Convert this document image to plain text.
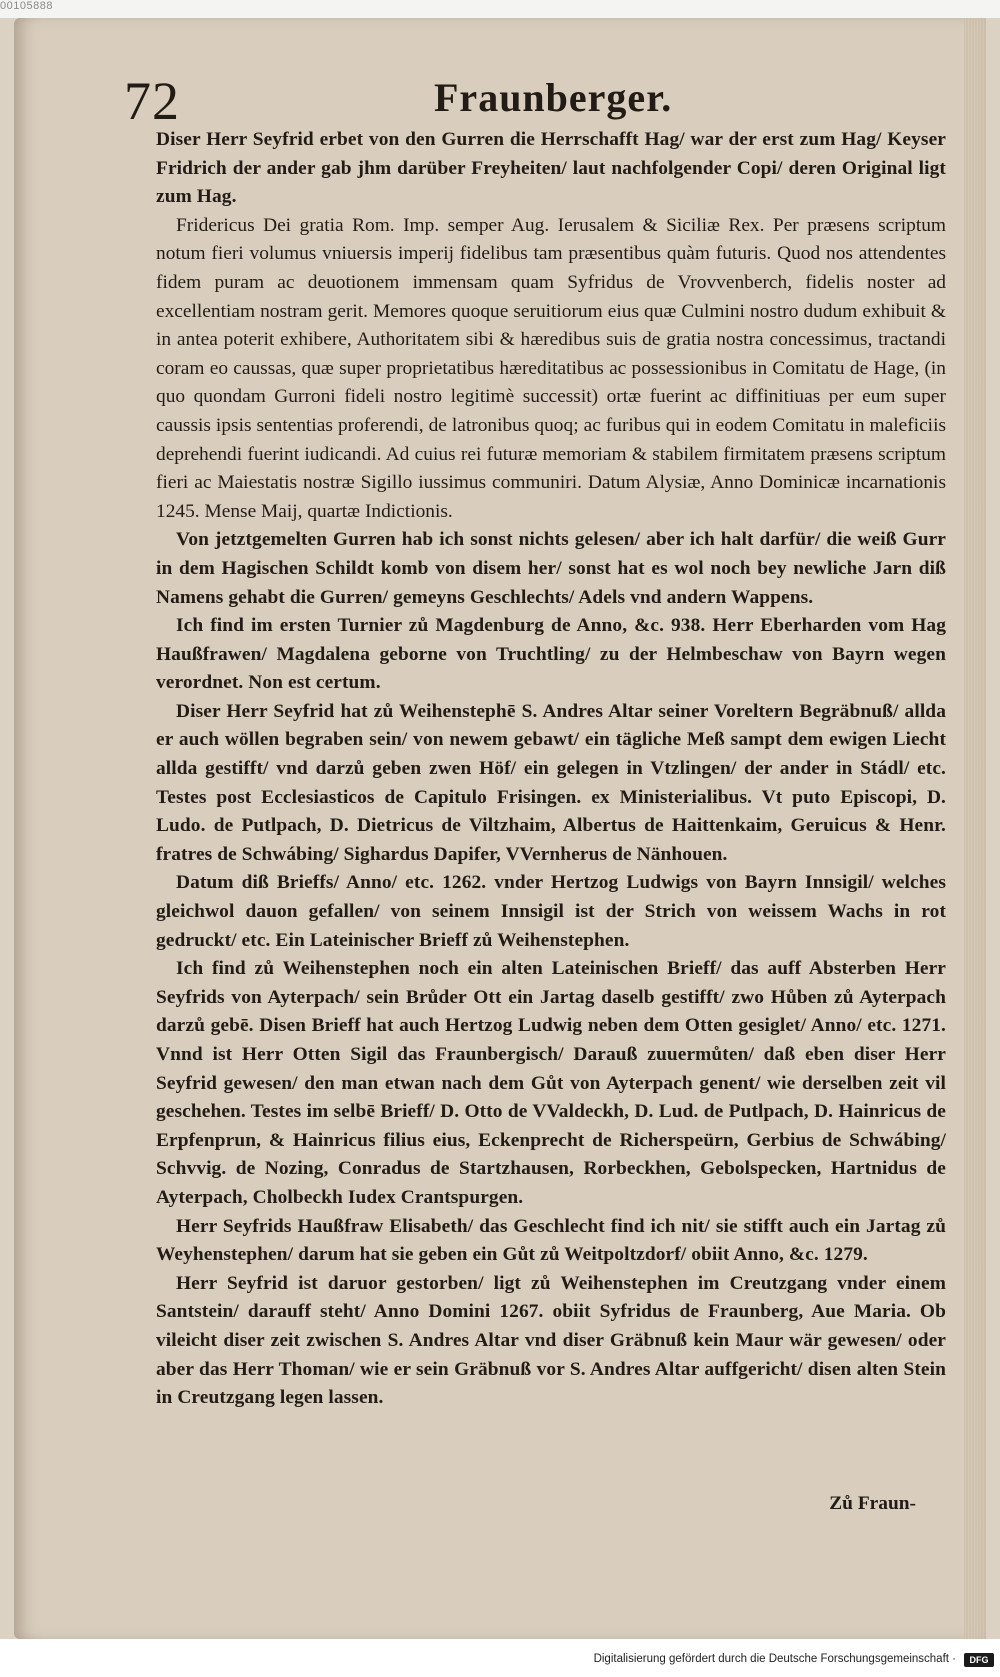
00105888
72	Fraunberger.

Diser Herr Seyfrid erbet von den Gurren die Herrschafft Hag/ war der erst zum Hag/ Keyser Fridrich der ander gab jhm darüber Freyheiten/ laut nachfolgender Copi/ deren Original ligt zum Hag.

Fridericus Dei gratia Rom. Imp. semper Aug. Ierusalem & Siciliæ Rex. Per præsens scriptum notum fieri volumus vniuersis imperij fidelibus tam præsentibus quàm futuris. Quod nos attendentes fidem puram ac deuotionem immensam quam Syfridus de Vrovvenberch, fidelis noster ad excellentiam nostram gerit. Memores quoque seruitiorum eius quæ Culmini nostro dudum exhibuit & in antea poterit exhibere, Authoritatem sibi & hæredibus suis de gratia nostra concessimus, tractandi coram eo caussas, quæ super proprietatibus hæreditatibus ac possessionibus in Comitatu de Hage, (in quo quondam Gurroni fideli nostro legitimè successit) ortæ fuerint ac diffinitiuas per eum super caussis ipsis sententias proferendi, de latronibus quoq; ac furibus qui in eodem Comitatu in maleficiis deprehendi fuerint iudicandi. Ad cuius rei futuræ memoriam & stabilem firmitatem præsens scriptum fieri ac Maiestatis nostræ Sigillo iussimus communiri. Datum Alysiæ, Anno Dominicæ incarnationis 1245. Mense Maij, quartæ Indictionis.

Von jetztgemelten Gurren hab ich sonst nichts gelesen/ aber ich halt darfür/ die weiß Gurr in dem Hagischen Schildt komb von disem her/ sonst hat es wol noch bey newliche Jarn diß Namens gehabt die Gurren/ gemeyns Geschlechts/ Adels vnd andern Wappens.

Ich find im ersten Turnier zů Magdenburg de Anno, &c. 938. Herr Eberharden vom Hag Haußfrawen/ Magdalena geborne von Truchtling/ zu der Helmbeschaw von Bayrn wegen verordnet. Non est certum.

Diser Herr Seyfrid hat zů Weihenstephē S. Andres Altar seiner Voreltern Begräbnuß/ allda er auch wöllen begraben sein/ von newem gebawt/ ein tägliche Meß sampt dem ewigen Liecht allda gestifft/ vnd darzů geben zwen Höf/ ein gelegen in Vtzlingen/ der ander in Stádl/ etc. Testes post Ecclesiasticos de Capitulo Frisingen. ex Ministerialibus. Vt puto Episcopi, D. Ludo. de Putlpach, D. Dietricus de Viltzhaim, Albertus de Haittenkaim, Geruicus & Henr. fratres de Schwábing/ Sighardus Dapifer, VVernherus de Nänhouen.

Datum diß Brieffs/ Anno/ etc. 1262. vnder Hertzog Ludwigs von Bayrn Innsigil/ welches gleichwol dauon gefallen/ von seinem Innsigil ist der Strich von weissem Wachs in rot gedruckt/ etc. Ein Lateinischer Brieff zů Weihenstephen.

Ich find zů Weihenstephen noch ein alten Lateinischen Brieff/ das auff Absterben Herr Seyfrids von Ayterpach/ sein Brůder Ott ein Jartag daselb gestifft/ zwo Hůben zů Ayterpach darzů gebē. Disen Brieff hat auch Hertzog Ludwig neben dem Otten gesiglet/ Anno/ etc. 1271. Vnnd ist Herr Otten Sigil das Fraunbergisch/ Darauß zuuermůten/ daß eben diser Herr Seyfrid gewesen/ den man etwan nach dem Gůt von Ayterpach genent/ wie derselben zeit vil geschehen. Testes im selbē Brieff/ D. Otto de VValdeckh, D. Lud. de Putlpach, D. Hainricus de Erpfenprun, & Hainricus filius eius, Eckenprecht de Richerspeürn, Gerbius de Schwábing/ Schvvig. de Nozing, Conradus de Startzhausen, Rorbeckhen, Gebolspecken, Hartnidus de Ayterpach, Cholbeckh Iudex Crantspurgen.

Herr Seyfrids Haußfraw Elisabeth/ das Geschlecht find ich nit/ sie stifft auch ein Jartag zů Weyhenstephen/ darum hat sie geben ein Gůt zů Weitpoltzdorf/ obiit Anno, &c. 1279.

Herr Seyfrid ist daruor gestorben/ ligt zů Weihenstephen im Creutzgang vnder einem Santstein/ darauff steht/ Anno Domini 1267. obiit Syfridus de Fraunberg, Aue Maria. Ob vileicht diser zeit zwischen S. Andres Altar vnd diser Gräbnuß kein Maur wär gewesen/ oder aber das Herr Thoman/ wie er sein Gräbnuß vor S. Andres Altar auffgericht/ disen alten Stein in Creutzgang legen lassen.

Zů Fraun-
Digitalisierung gefördert durch die Deutsche Forschungsgemeinschaft ·	DFG
